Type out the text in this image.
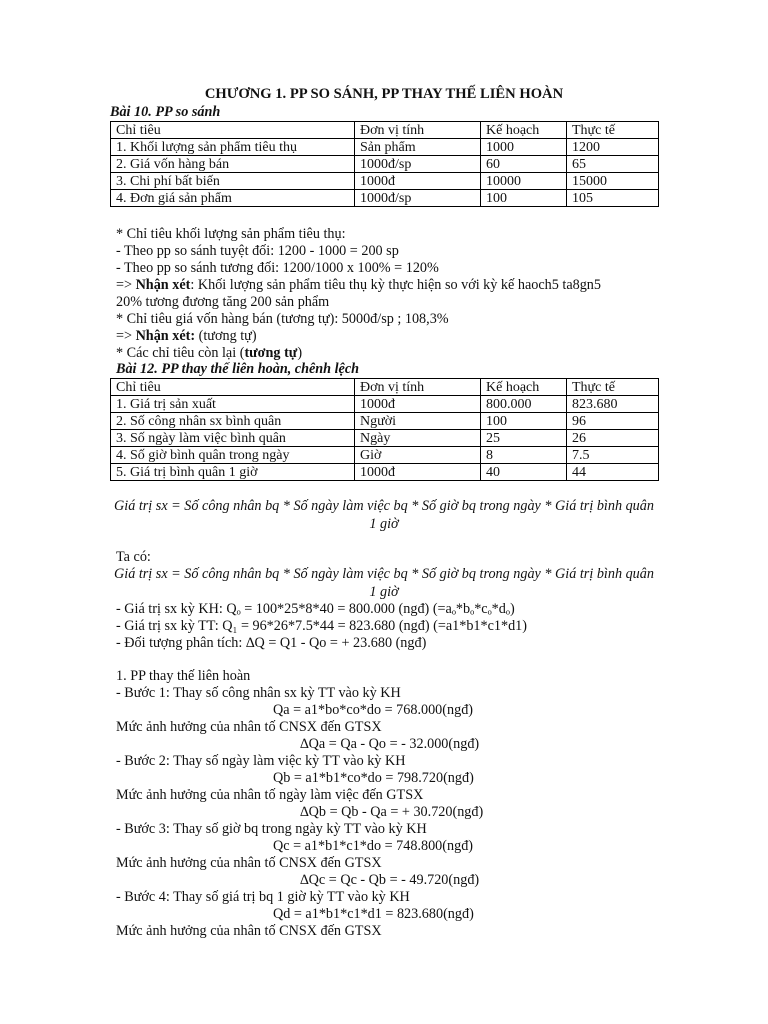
CHƯƠNG 1. PP SO SÁNH, PP THAY THẾ LIÊN HOÀN
Bài 10. PP so sánh
Chỉ tiêu	Đơn vị tính	Kế hoạch	Thực tế
1. Khối lượng sản phẩm tiêu thụ	Sản phẩm	1000	1200
2. Giá vốn hàng bán	1000đ/sp	60	65
3. Chi phí bất biến	1000đ	10000	15000
4. Đơn giá sản phẩm	1000đ/sp	100	105
* Chỉ tiêu khối lượng sản phẩm tiêu thụ:
- Theo pp so sánh tuyệt đối: 1200 - 1000 = 200 sp
- Theo pp so sánh tương đối: 1200/1000 x 100% = 120%
=> Nhận xét: Khối lượng sản phẩm tiêu thụ kỳ thực hiện so với kỳ kế haoch5 ta8gn5
20% tương đương tăng 200 sản phẩm
* Chỉ tiêu giá vốn hàng bán (tương tự): 5000đ/sp ; 108,3%
=> Nhận xét: (tương tự)
* Các chỉ tiêu còn lại (tương tự)
Bài 12. PP thay thế liên hoàn, chênh lệch
Chỉ tiêu	Đơn vị tính	Kế hoạch	Thực tế
1. Giá trị sản xuất	1000đ	800.000	823.680
2. Số công nhân sx bình quân	Người	100	96
3. Số ngày làm việc bình quân	Ngày	25	26
4. Số giờ bình quân trong ngày	Giờ	8	7.5
5. Giá trị bình quân 1 giờ	1000đ	40	44
Giá trị sx = Số công nhân bq * Số ngày làm việc bq * Số giờ bq trong ngày * Giá trị bình quân 1 giờ
Ta có:
Giá trị sx = Số công nhân bq * Số ngày làm việc bq * Số giờ bq trong ngày * Giá trị bình quân 1 giờ
- Giá trị sx kỳ KH: Qₒ = 100*25*8*40 = 800.000 (ngđ) (=aₒ*bₒ*cₒ*dₒ)
- Giá trị sx kỳ TT: Q₁ = 96*26*7.5*44 = 823.680 (ngđ) (=a1*b1*c1*d1)
- Đối tượng phân tích: ∆Q = Q1 - Qo = + 23.680 (ngđ)
1. PP thay thế liên hoàn
- Bước 1: Thay số công nhân sx kỳ TT vào kỳ KH
Qa = a1*bo*co*do = 768.000(ngđ)
Mức ảnh hưởng của nhân tố CNSX đến GTSX
∆Qa = Qa - Qo = - 32.000(ngđ)
- Bước 2: Thay số ngày làm việc kỳ TT vào kỳ KH
Qb = a1*b1*co*do = 798.720(ngđ)
Mức ảnh hưởng của nhân tố ngày làm việc đến GTSX
∆Qb = Qb - Qa = + 30.720(ngđ)
- Bước 3: Thay số giờ bq trong ngày kỳ TT vào kỳ KH
Qc = a1*b1*c1*do = 748.800(ngđ)
Mức ảnh hưởng của nhân tố CNSX đến GTSX
∆Qc = Qc - Qb = - 49.720(ngđ)
- Bước 4: Thay số giá trị bq 1 giờ kỳ TT vào kỳ KH
Qd = a1*b1*c1*d1 = 823.680(ngđ)
Mức ảnh hưởng của nhân tố CNSX đến GTSX
